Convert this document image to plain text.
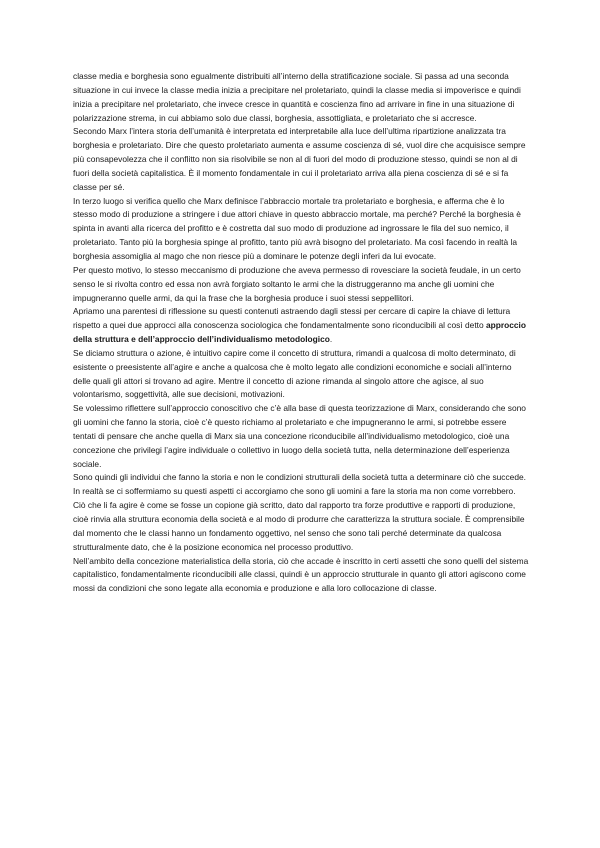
classe media e borghesia sono egualmente distribuiti all’interno della stratificazione sociale. Si passa ad una seconda situazione in cui invece la classe media inizia a precipitare nel proletariato, quindi la classe media si impoverisce e quindi inizia a precipitare nel proletariato, che invece cresce in quantità e coscienza fino ad arrivare in fine in una situazione di polarizzazione strema, in cui abbiamo solo due classi, borghesia, assottigliata, e proletariato che si accresce.

Secondo Marx l’intera storia dell’umanità è interpretata ed interpretabile alla luce dell’ultima ripartizione analizzata tra borghesia e proletariato. Dire che questo proletariato aumenta e assume coscienza di sé, vuol dire che acquisisce sempre più consapevolezza che il conflitto non sia risolvibile se non al di fuori del modo di produzione stesso, quindi se non al di fuori della società capitalistica. È il momento fondamentale in cui il proletariato arriva alla piena coscienza di sé e si fa classe per sé.

In terzo luogo si verifica quello che Marx definisce l’abbraccio mortale tra proletariato e borghesia, e afferma che è lo stesso modo di produzione a stringere i due attori chiave in questo abbraccio mortale, ma perché? Perché la borghesia è spinta in avanti alla ricerca del profitto e è costretta dal suo modo di produzione ad ingrossare le fila del suo nemico, il proletariato. Tanto più la borghesia spinge al profitto, tanto più avrà bisogno del proletariato. Ma così facendo in realtà la borghesia assomiglia al mago che non riesce più a dominare le potenze degli inferi da lui evocate.

Per questo motivo, lo stesso meccanismo di produzione che aveva permesso di rovesciare la società feudale, in un certo senso le si rivolta contro ed essa non avrà forgiato soltanto le armi che la distruggeranno ma anche gli uomini che impugneranno quelle armi, da qui la frase che la borghesia produce i suoi stessi seppellitori.

Apriamo una parentesi di riflessione su questi contenuti astraendo dagli stessi per cercare di capire la chiave di lettura rispetto a quei due approcci alla conoscenza sociologica che fondamentalmente sono riconducibili al così detto approccio della struttura e dell’approccio dell’individualismo metodologico.

Se diciamo struttura o azione, è intuitivo capire come il concetto di struttura, rimandi a qualcosa di molto determinato, di esistente o preesistente all’agire e anche a qualcosa che è molto legato alle condizioni economiche e sociali all’interno delle quali gli attori si trovano ad agire. Mentre il concetto di azione rimanda al singolo attore che agisce, al suo volontarismo, soggettività, alle sue decisioni, motivazioni.

Se volessimo riflettere sull’approccio conoscitivo che c’è alla base di questa teorizzazione di Marx, considerando che sono gli uomini che fanno la storia, cioè c’è questo richiamo al proletariato e che impugneranno le armi, si potrebbe essere tentati di pensare che anche quella di Marx sia una concezione riconducibile all’individualismo metodologico, cioè una concezione che privilegi l’agire individuale o collettivo in luogo della società tutta, nella determinazione dell’esperienza sociale.

Sono quindi gli individui che fanno la storia e non le condizioni strutturali della società tutta a determinare ciò che succede.

In realtà se ci soffermiamo su questi aspetti ci accorgiamo che sono gli uomini a fare la storia ma non come vorrebbero. Ciò che li fa agire è come se fosse un copione già scritto, dato dal rapporto tra forze produttive e rapporti di produzione, cioè rinvia alla struttura economia della società e al modo di produrre che caratterizza la struttura sociale. È comprensibile dal momento che le classi hanno un fondamento oggettivo, nel senso che sono tali perché determinate da qualcosa strutturalmente dato, che è la posizione economica nel processo produttivo.

Nell’ambito della concezione materialistica della storia, ciò che accade è inscritto in certi assetti che sono quelli del sistema capitalistico, fondamentalmente riconducibili alle classi, quindi è un approccio strutturale in quanto gli attori agiscono come mossi da condizioni che sono legate alla economia e produzione e alla loro collocazione di classe.
